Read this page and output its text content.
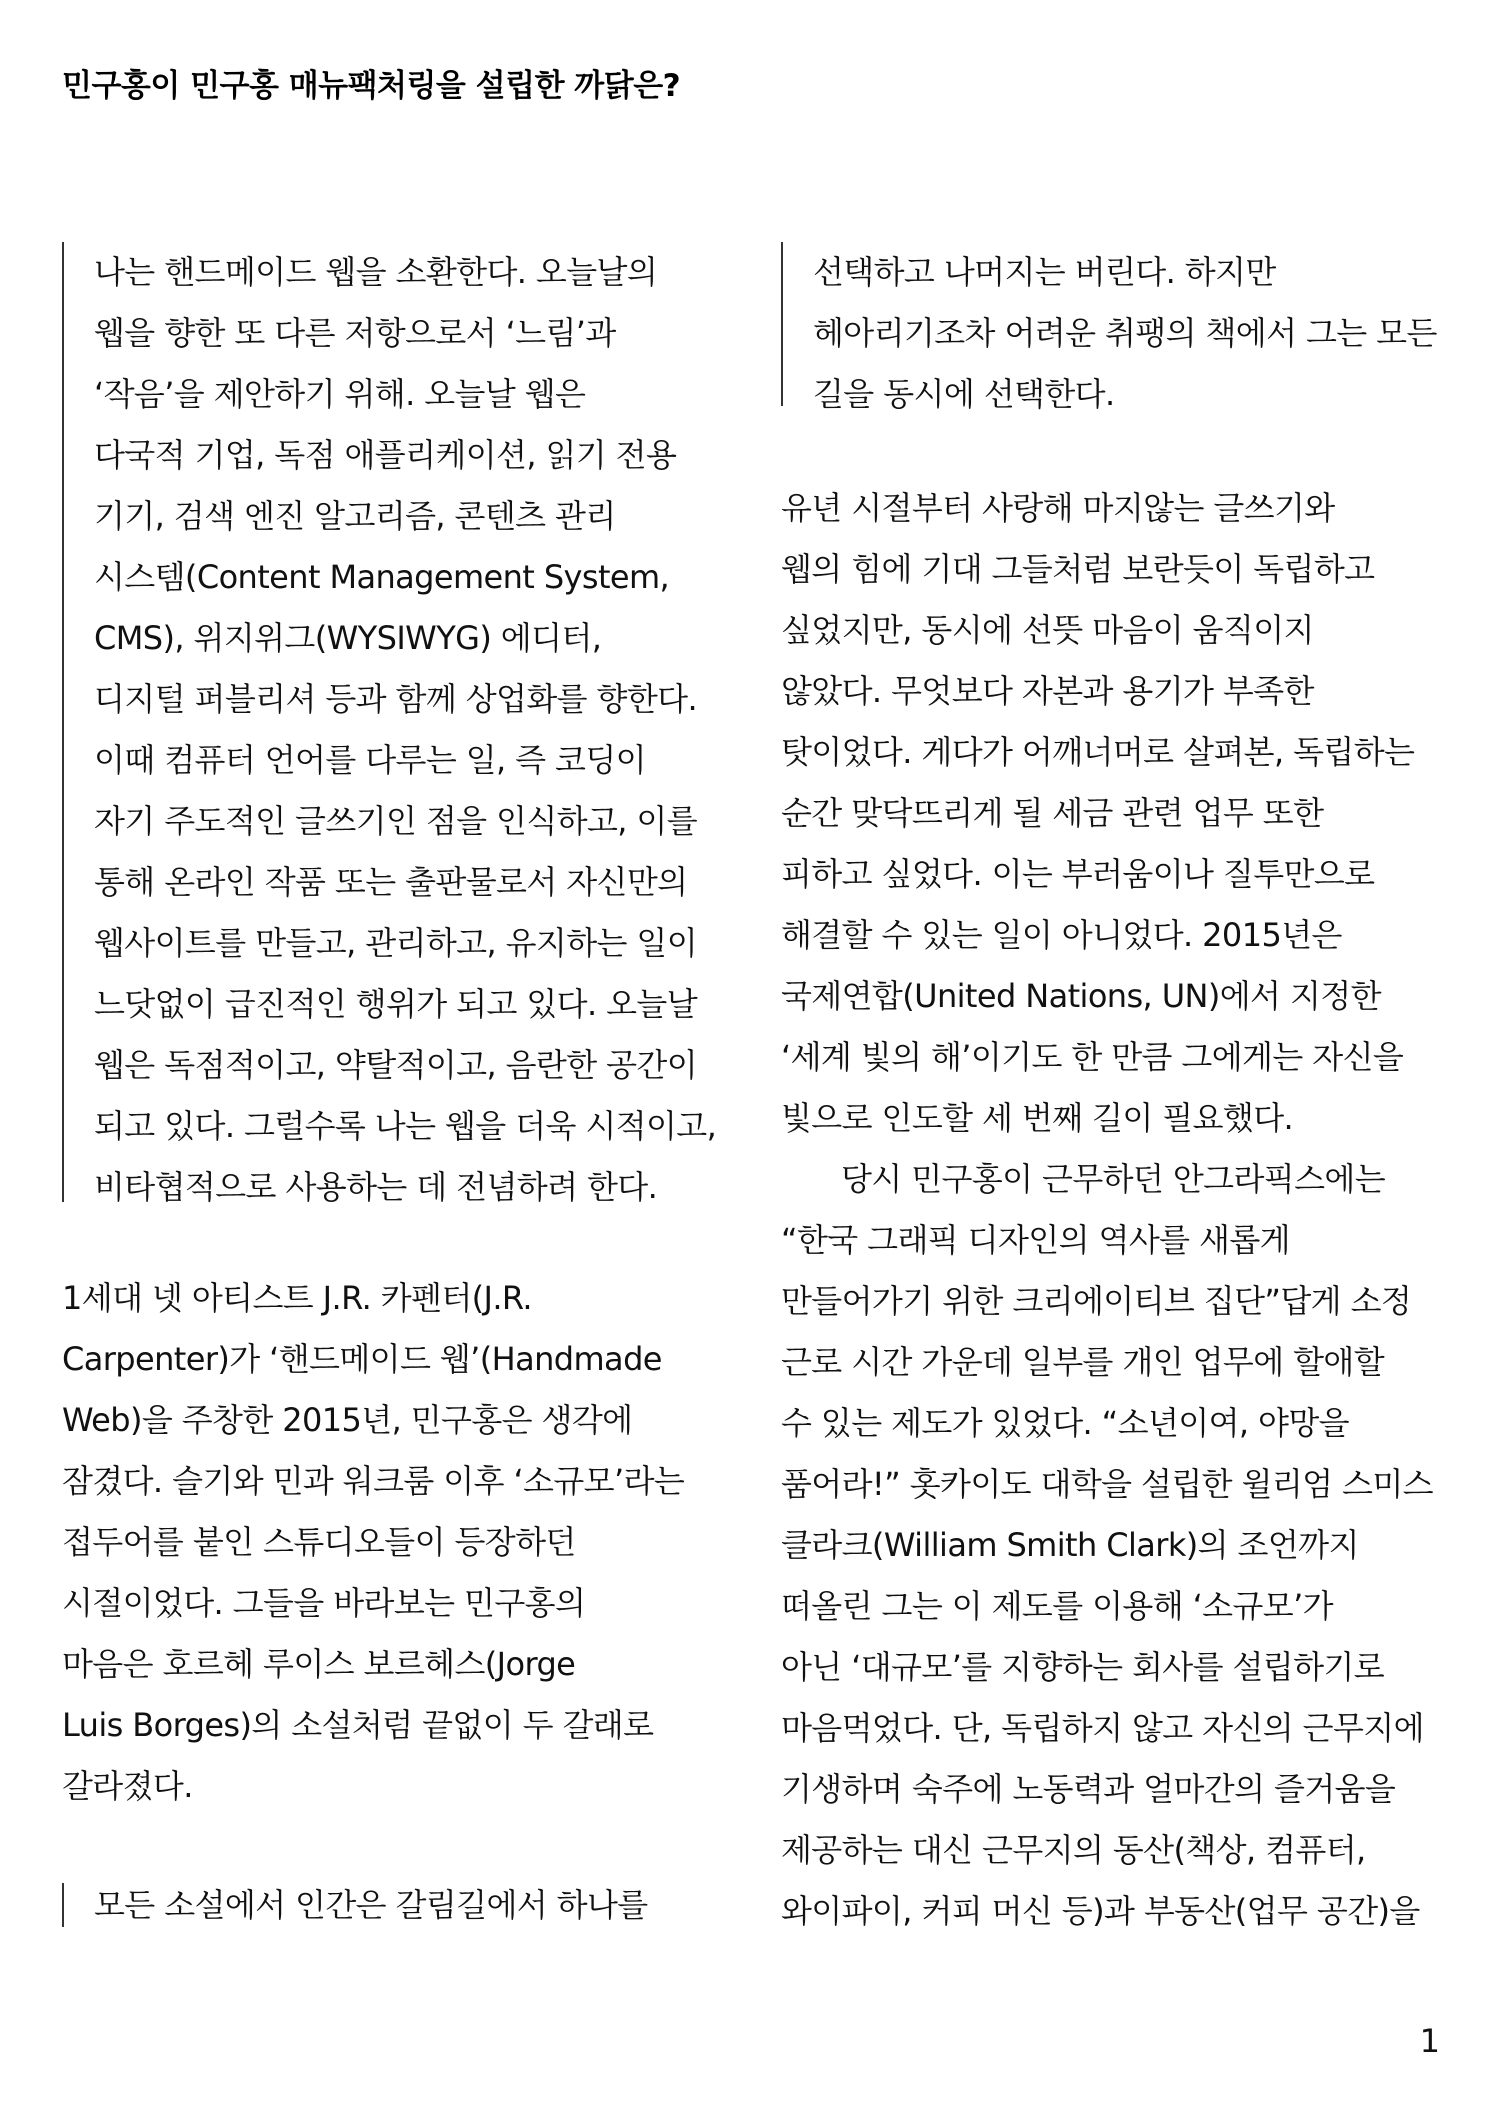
민구홍이 민구홍 매뉴팩처링을 설립한 까닭은?
나는 핸드메이드 웹을 소환한다. 오늘날의
웹을 향한 또 다른 저항으로서 ‘느림’과
‘작음’을 제안하기 위해. 오늘날 웹은
다국적 기업, 독점 애플리케이션, 읽기 전용
기기, 검색 엔진 알고리즘, 콘텐츠 관리
시스템(Content Management System,
CMS), 위지위그(WYSIWYG) 에디터,
디지털 퍼블리셔 등과 함께 상업화를 향한다.
이때 컴퓨터 언어를 다루는 일, 즉 코딩이
자기 주도적인 글쓰기인 점을 인식하고, 이를
통해 온라인 작품 또는 출판물로서 자신만의
웹사이트를 만들고, 관리하고, 유지하는 일이
느닷없이 급진적인 행위가 되고 있다. 오늘날
웹은 독점적이고, 약탈적이고, 음란한 공간이
되고 있다. 그럴수록 나는 웹을 더욱 시적이고,
비타협적으로 사용하는 데 전념하려 한다.
1세대 넷 아티스트 J.R. 카펜터(J.R.
Carpenter)가 ‘핸드메이드 웹’(Handmade
Web)을 주창한 2015년, 민구홍은 생각에
잠겼다. 슬기와 민과 워크룸 이후 ‘소규모’라는
접두어를 붙인 스튜디오들이 등장하던
시절이었다. 그들을 바라보는 민구홍의
마음은 호르헤 루이스 보르헤스(Jorge
Luis Borges)의 소설처럼 끝없이 두 갈래로
갈라졌다.
모든 소설에서 인간은 갈림길에서 하나를
선택하고 나머지는 버린다. 하지만
헤아리기조차 어려운 취팽의 책에서 그는 모든
길을 동시에 선택한다.
유년 시절부터 사랑해 마지않는 글쓰기와
웹의 힘에 기대 그들처럼 보란듯이 독립하고
싶었지만, 동시에 선뜻 마음이 움직이지
않았다. 무엇보다 자본과 용기가 부족한
탓이었다. 게다가 어깨너머로 살펴본, 독립하는
순간 맞닥뜨리게 될 세금 관련 업무 또한
피하고 싶었다. 이는 부러움이나 질투만으로
해결할 수 있는 일이 아니었다. 2015년은
국제연합(United Nations, UN)에서 지정한
‘세계 빛의 해’이기도 한 만큼 그에게는 자신을
빛으로 인도할 세 번째 길이 필요했다.
당시 민구홍이 근무하던 안그라픽스에는
“한국 그래픽 디자인의 역사를 새롭게
만들어가기 위한 크리에이티브 집단”답게 소정
근로 시간 가운데 일부를 개인 업무에 할애할
수 있는 제도가 있었다. “소년이여, 야망을
품어라!” 홋카이도 대학을 설립한 윌리엄 스미스
클라크(William Smith Clark)의 조언까지
떠올린 그는 이 제도를 이용해 ‘소규모’가
아닌 ‘대규모’를 지향하는 회사를 설립하기로
마음먹었다. 단, 독립하지 않고 자신의 근무지에
기생하며 숙주에 노동력과 얼마간의 즐거움을
제공하는 대신 근무지의 동산(책상, 컴퓨터,
와이파이, 커피 머신 등)과 부동산(업무 공간)을
1
